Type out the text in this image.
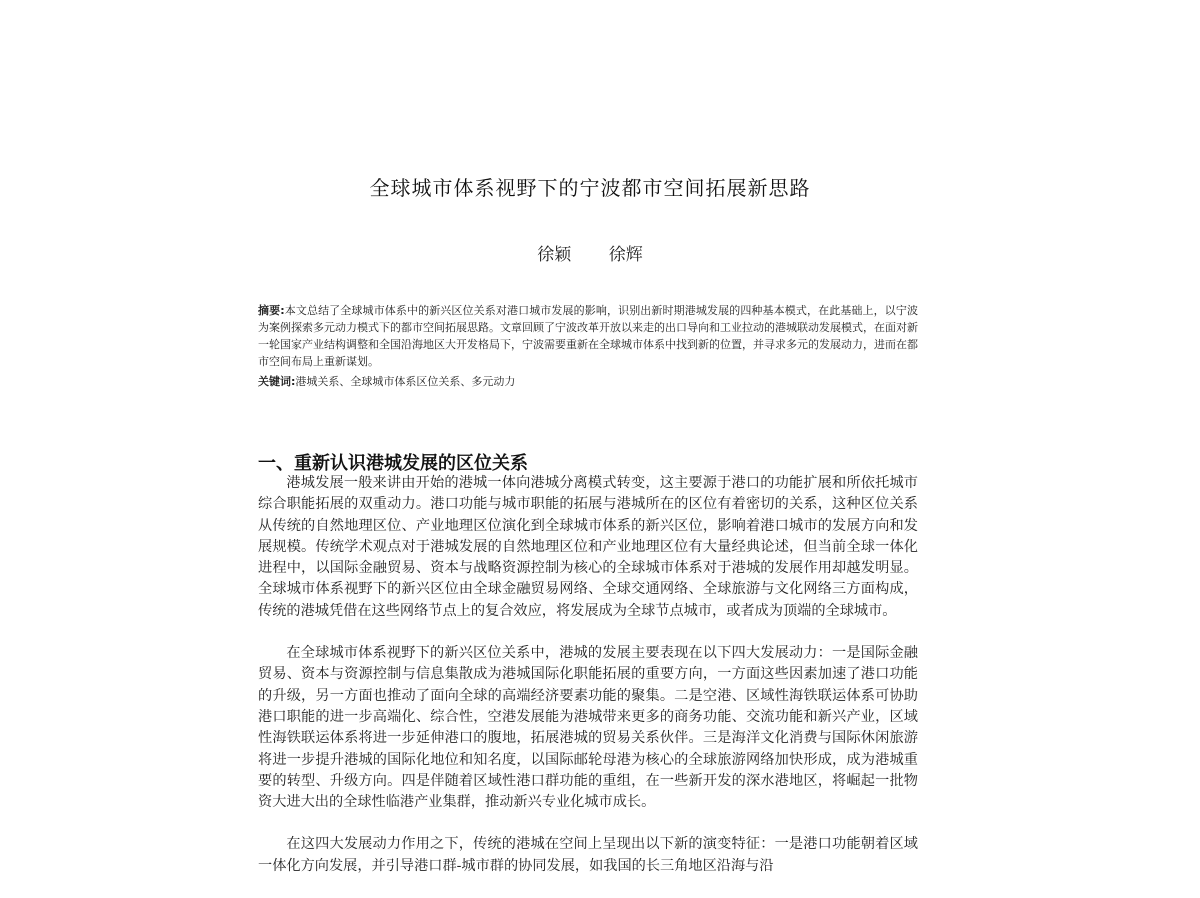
全球城市体系视野下的宁波都市空间拓展新思路
徐颖 徐辉
摘要:本文总结了全球城市体系中的新兴区位关系对港口城市发展的影响，识别出新时期港城发展的四种基本模式，在此基础上，以宁波为案例探索多元动力模式下的都市空间拓展思路。文章回顾了宁波改革开放以来走的出口导向和工业拉动的港城联动发展模式，在面对新一轮国家产业结构调整和全国沿海地区大开发格局下，宁波需要重新在全球城市体系中找到新的位置，并寻求多元的发展动力，进而在都市空间布局上重新谋划。
关键词:港城关系、全球城市体系区位关系、多元动力
一、重新认识港城发展的区位关系

港城发展一般来讲由开始的港城一体向港城分离模式转变，这主要源于港口的功能扩展和所依托城市综合职能拓展的双重动力。港口功能与城市职能的拓展与港城所在的区位有着密切的关系，这种区位关系从传统的自然地理区位、产业地理区位演化到全球城市体系的新兴区位，影响着港口城市的发展方向和发展规模。传统学术观点对于港城发展的自然地理区位和产业地理区位有大量经典论述，但当前全球一体化进程中，以国际金融贸易、资本与战略资源控制为核心的全球城市体系对于港城的发展作用却越发明显。全球城市体系视野下的新兴区位由全球金融贸易网络、全球交通网络、全球旅游与文化网络三方面构成，传统的港城凭借在这些网络节点上的复合效应，将发展成为全球节点城市，或者成为顶端的全球城市。

在全球城市体系视野下的新兴区位关系中，港城的发展主要表现在以下四大发展动力：一是国际金融贸易、资本与资源控制与信息集散成为港城国际化职能拓展的重要方向，一方面这些因素加速了港口功能的升级，另一方面也推动了面向全球的高端经济要素功能的聚集。二是空港、区域性海铁联运体系可协助港口职能的进一步高端化、综合性，空港发展能为港城带来更多的商务功能、交流功能和新兴产业，区域性海铁联运体系将进一步延伸港口的腹地，拓展港城的贸易关系伙伴。三是海洋文化消费与国际休闲旅游将进一步提升港城的国际化地位和知名度，以国际邮轮母港为核心的全球旅游网络加快形成，成为港城重要的转型、升级方向。四是伴随着区域性港口群功能的重组，在一些新开发的深水港地区，将崛起一批物资大进大出的全球性临港产业集群，推动新兴专业化城市成长。

在这四大发展动力作用之下，传统的港城在空间上呈现出以下新的演变特征：一是港口功能朝着区域一体化方向发展，并引导港口群-城市群的协同发展，如我国的长三角地区沿海与沿
